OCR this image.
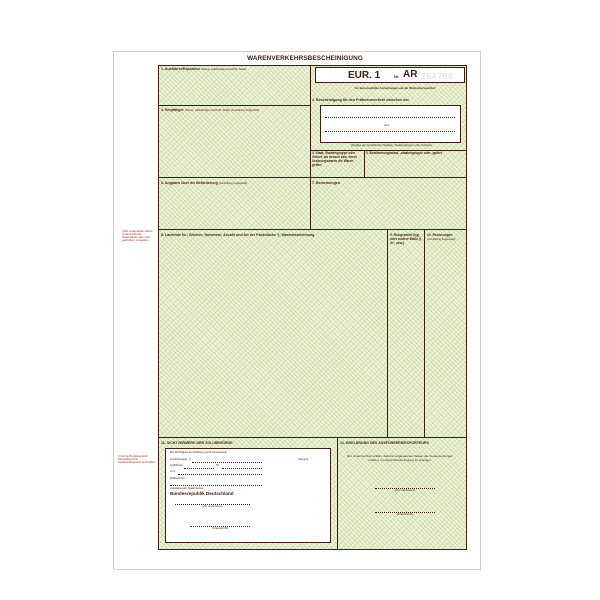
WARENVERKEHRSBESCHEINIGUNG
EUR. 1	Nr. AR 264766
Vor dem Ausfüllen Anmerkungen auf der Rückseite beachten
1. Ausführer/Exporteur (Name, vollständige Anschrift, Staat)
2. Bescheinigung für den Präferenzverkehr zwischen der
und
(Angabe der betreffenden Staaten, Staatengruppen oder Gebiete)
3. Empfänger (Name, vollständige Anschrift, Staat) (Ausfüllung freigestellt)
4. Staat, Staatengruppe oder Gebiet, als dessen bzw. deren Ursprungswaren die Waren gelten
5. Bestimmungsstaat, -staatengruppe oder -gebiet
6. Angaben über die Beförderung (Ausfüllung freigestellt)	7. Bemerkungen
8. Laufende Nr.; Zeichen, Nummern, Anzahl und Art der Packstücke ¹); Warenbezeichnung	9. Rohgewicht (kg) oder andere Maße (l, m³, usw.)
10. Rechnungen
(Ausfüllung freigestellt)
11. SICHTVERMERK DER ZOLLBEHÖRDE
Die Richtigkeit der Erklärung wird bescheinigt.
Ausfuhrpapier: ²)	Stempel
Art/Muster	Nr.
vom
Zollbehörde:
Ausstellender Staat/Gebiet:
Bundesrepublik Deutschland
(Ort und Datum)
(Unterschrift)
12. ERKLÄRUNG DES AUSFÜHRERS/EXPORTEURS
Der Unterzeichner erklärt, daß die vorgenannten Waren die Voraussetzungen erfüllen, um diese Bescheinigung zu erlangen.
(Ort und Datum)
(Unterschrift)
¹) Bei unverpackten Waren ist die Anzahl der Gegenstände oder „lose geschüttet“ anzugeben.
²) Nur bei Bundesrepublik Deutschland vom Ausführer/Exporteur auszufüllen.
